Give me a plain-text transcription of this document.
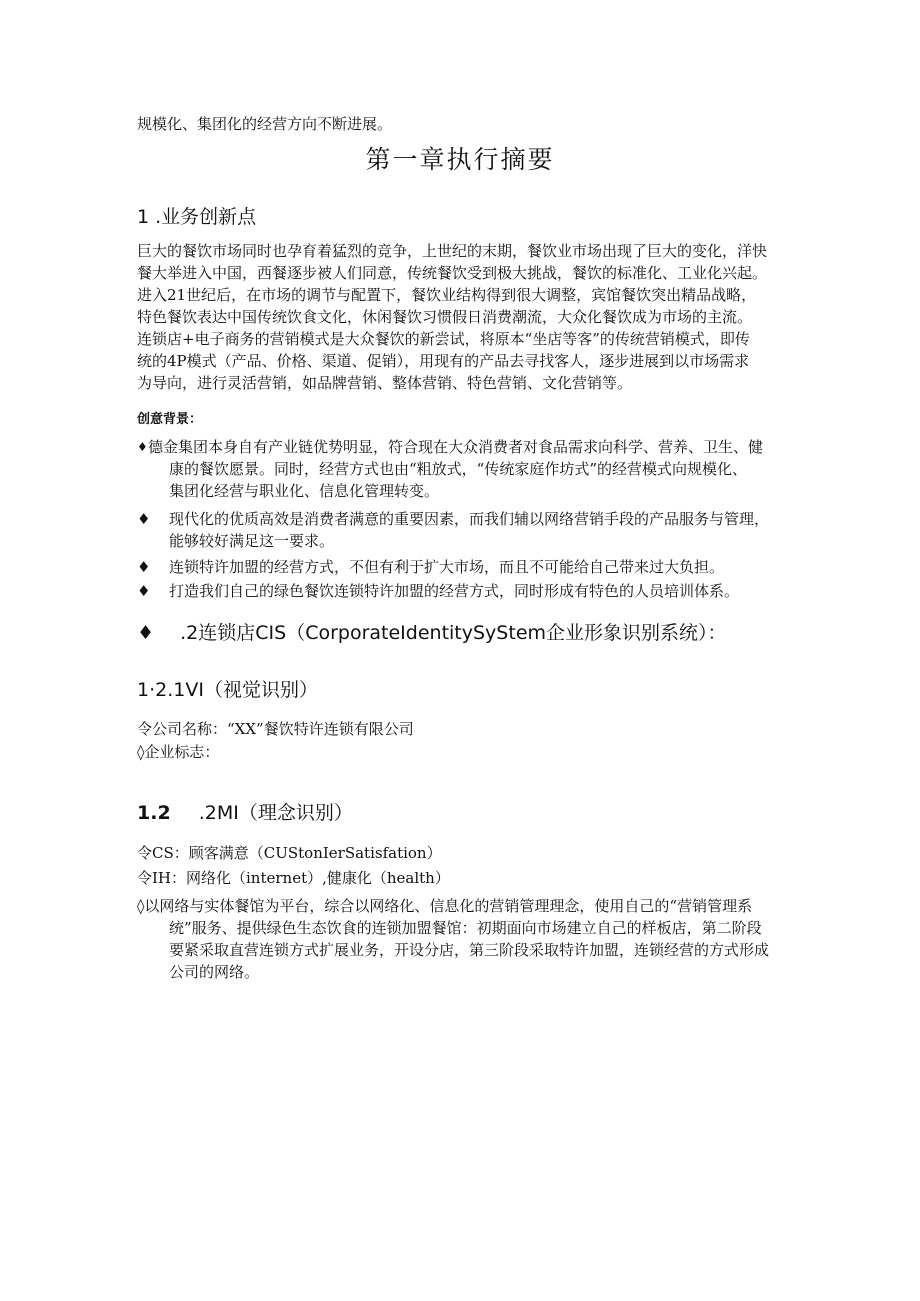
规模化、集团化的经营方向不断进展。
第一章执行摘要
1 .业务创新点

巨大的餐饮市场同时也孕育着猛烈的竞争，上世纪的末期，餐饮业市场出现了巨大的变化，洋快

餐大举进入中国，西餐逐步被人们同意，传统餐饮受到极大挑战，餐饮的标准化、工业化兴起。

进入21世纪后，在市场的调节与配置下，餐饮业结构得到很大调整，宾馆餐饮突出精品战略，

特色餐饮表达中国传统饮食文化，休闲餐饮习惯假日消费潮流，大众化餐饮成为市场的主流。

连锁店+电子商务的营销模式是大众餐饮的新尝试，将原本“坐店等客”的传统营销模式，即传

统的4P模式（产品、价格、渠道、促销），用现有的产品去寻找客人，逐步进展到以市场需求

为导向，进行灵活营销，如品牌营销、整体营销、特色营销、文化营销等。

创意背景：
♦ 德金集团本身自有产业链优势明显，符合现在大众消费者对食品需求向科学、营养、卫生、健

康的餐饮愿景。同时，经营方式也由“粗放式，“传统家庭作坊式”的经营模式向规模化、

集团化经营与职业化、信息化管理转变。

♦ 现代化的优质高效是消费者满意的重要因素，而我们辅以网络营销手段的产品服务与管理，

能够较好满足这一要求。

♦ 连锁特许加盟的经营方式，不但有利于扩大市场，而且不可能给自己带来过大负担。

♦ 打造我们自己的绿色餐饮连锁特许加盟的经营方式，同时形成有特色的人员培训体系。

♦ .2连锁店CIS（CorporateIdentitySyStem企业形象识别系统）：
1·2.1VI（视觉识别）
令公司名称：“XX”餐饮特许连锁有限公司
◊企业标志：
1.2 .2MI（理念识别）
令CS：顾客满意（CUStonIerSatisfation）
令IH：网络化（internet）,健康化（health）

◊以网络与实体餐馆为平台，综合以网络化、信息化的营销管理理念，使用自己的“营销管理系

统”服务、提供绿色生态饮食的连锁加盟餐馆：初期面向市场建立自己的样板店，第二阶段

要紧采取直营连锁方式扩展业务，开设分店，第三阶段采取特许加盟，连锁经营的方式形成

公司的网络。
